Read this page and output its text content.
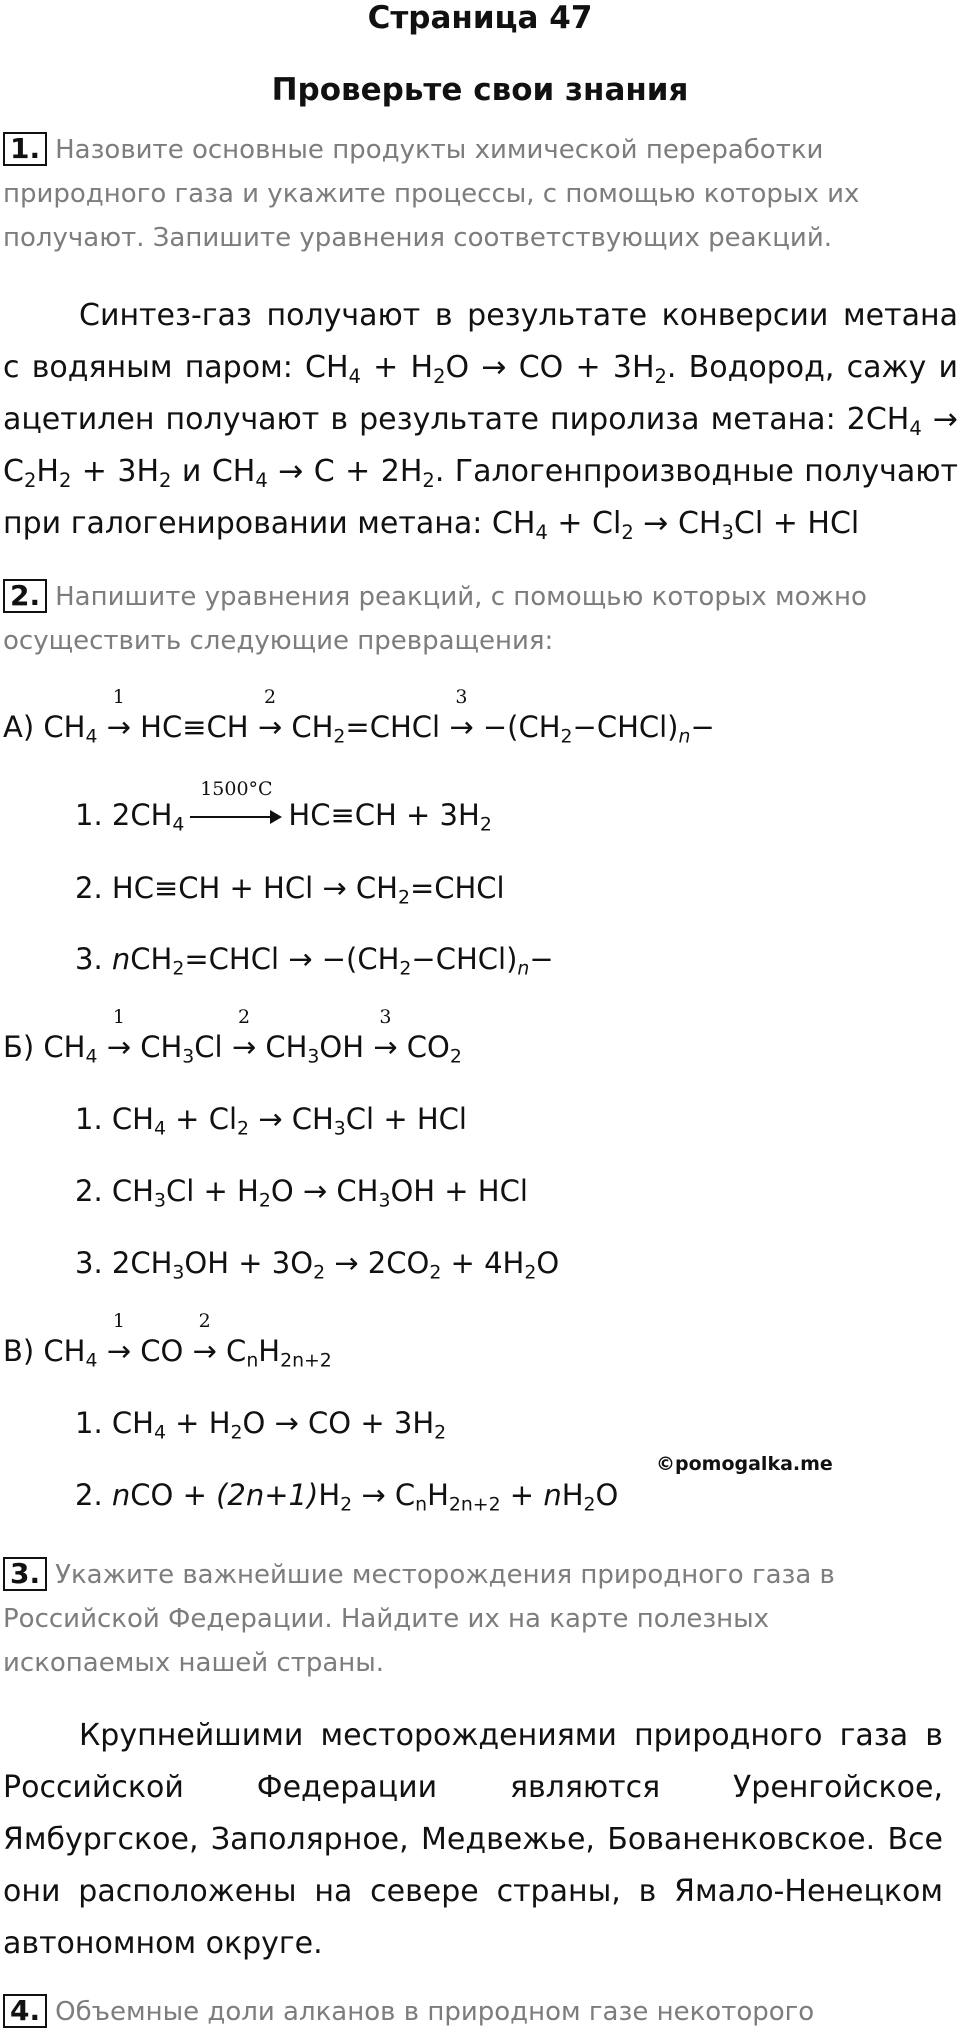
Страница 47
Проверьте свои знания

1. Назовите основные продукты химической переработки природного газа и укажите процессы, с помощью которых их получают. Запишите уравнения соответствующих реакций.

Синтез-газ получают в результате конверсии метана с водяным паром: $CH_4 + H_2O$ → CO + $3H_2$. Водород, сажу и ацетилен получают в результате пиролиза метана: $2CH_4 \to C_2H_2 + 3H_2$ и $CH_4 \to C + 2H_2$. Галогенпроизводные получают при галогенировании метана: $CH_4 + Cl_2 \to CH_3Cl$ + HCl

2. Напишите уравнения реакций, с помощью которых можно осуществить следующие превращения:

А) $CH_4$ →
1
HC≡CH →
2
$CH_2=CHCl$ →
3
$-(CH_2-CHCl)_n-$
1. $2CH_4$
1500°C
$HC\equiv CH + 3H_2$
2. HC≡CH + HCl → $CH_2=CHCl$
3. nCH$_2$=CHCl → $-(CH_2-CHCl)_n-$
Б) $CH_4$ →
1
$CH_3Cl$ →
2
$CH_3OH$ →
3
$CO_2$
1. $CH_4 + Cl_2 \to CH_3Cl$ + HCl
2. $CH_3Cl + H_2O \to CH_3OH$ + HCl
3. $2CH_3OH + 3O_2 \to 2CO_2 + 4H_2O$
В) $CH_4$ →
1
CO →
2
$C_nH_{2n+2}$
1. $CH_4 + H_2O$ → CO + $3H_2$
©pomogalka.me
2. nCO + $(2n+1)H_2 \to C_nH_{2n+2} + nH_2O$

3. Укажите важнейшие месторождения природного газа в Российской Федерации. Найдите их на карте полезных ископаемых нашей страны.

Крупнейшими месторождениями природного газа в Российской Федерации являются Уренгойское, Ямбургское, Заполярное, Медвежье, Бованенковское. Все они расположены на севере страны, в Ямало-Ненецком автономном округе.

4. Объемные доли алканов в природном газе некоторого
